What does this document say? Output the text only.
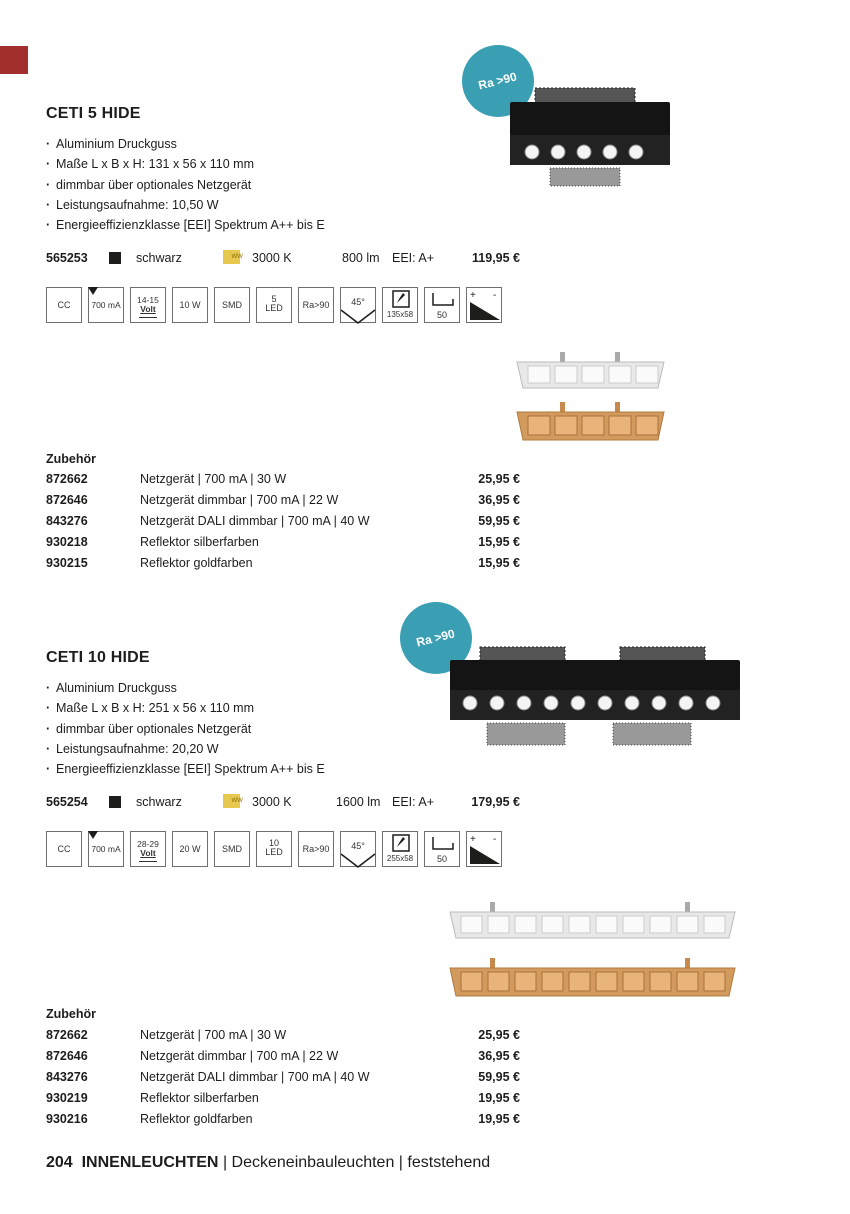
CETI 5 HIDE
Ra >90
· Aluminium Druckguss
· Maße L x B x H: 131 x 56 x 110 mm
· dimmbar über optionales Netzgerät
· Leistungsaufnahme: 10,50 W
· Energieeffizienzklasse [EEI] Spektrum A++ bis E
565253	schwarz	WW 3000 K	800 lm EEI: A+	119,95 €
CC	700 mA	14-15
Volt	10 W	SMD
5
LED	Ra>90	45°
135x58	50
+ -
Zubehör
872662	Netzgerät | 700 mA | 30 W	25,95 €
872646	Netzgerät dimmbar | 700 mA | 22 W	36,95 €
843276	Netzgerät DALI dimmbar | 700 mA | 40 W	59,95 €
930218	Reflektor silberfarben	15,95 €
930215	Reflektor goldfarben	15,95 €
CETI 10 HIDE
Ra >90
· Aluminium Druckguss
· Maße L x B x H: 251 x 56 x 110 mm
· dimmbar über optionales Netzgerät
· Leistungsaufnahme: 20,20 W
· Energieeffizienzklasse [EEI] Spektrum A++ bis E
565254	schwarz	WW 3000 K	1600 lm EEI: A+	179,95 €
CC	700 mA	28-29
Volt	20 W	SMD
10
LED	Ra>90	45°
255x58	50
+ -
Zubehör
872662	Netzgerät | 700 mA | 30 W	25,95 €
872646	Netzgerät dimmbar | 700 mA | 22 W	36,95 €
843276	Netzgerät DALI dimmbar | 700 mA | 40 W	59,95 €
930219	Reflektor silberfarben	19,95 €
930216	Reflektor goldfarben	19,95 €
204 INNENLEUCHTEN | Deckeneinbauleuchten | feststehend
